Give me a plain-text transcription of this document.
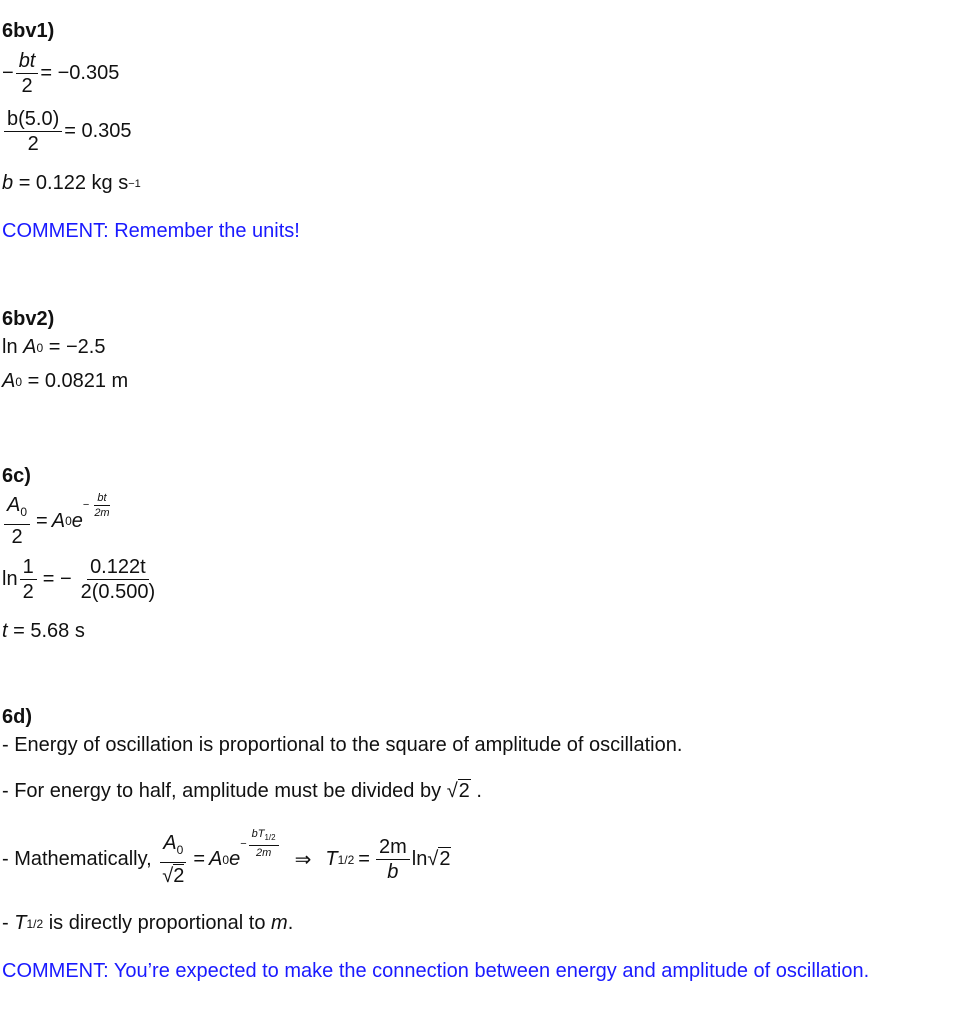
6bv1)
− $\frac{bt}{2} = -0.305$
$\frac{b(5.0)}{2} = 0.305$
b
= 0.122 kg s −1
COMMENT: Remember the units!
6bv2)
ln
A 0
= −2.5
A 0
= 0.0821 m
6c)
$\frac{A_0}{2} = A$ 0 e
− $\frac{bt}{2m}$
$\ln \frac{1}{2}$ = − $\frac{0.122t}{2(0.500)}$
t
= 5.68 s
6d)
- Energy of oscillation is proportional to the square of amplitude of oscillation.
- For energy to half, amplitude must be divided by
√2
.
- Mathematically,
$\frac{A_0}{√2} = A$ 0 e
− $\frac{bT_{1/2}}{2m}$
⇒ T $1/2 = \frac{2m}{b}$ ln √2
-
T 1/2
is directly proportional to
m .
COMMENT: You’re expected to make the connection between energy and amplitude of oscillation.
